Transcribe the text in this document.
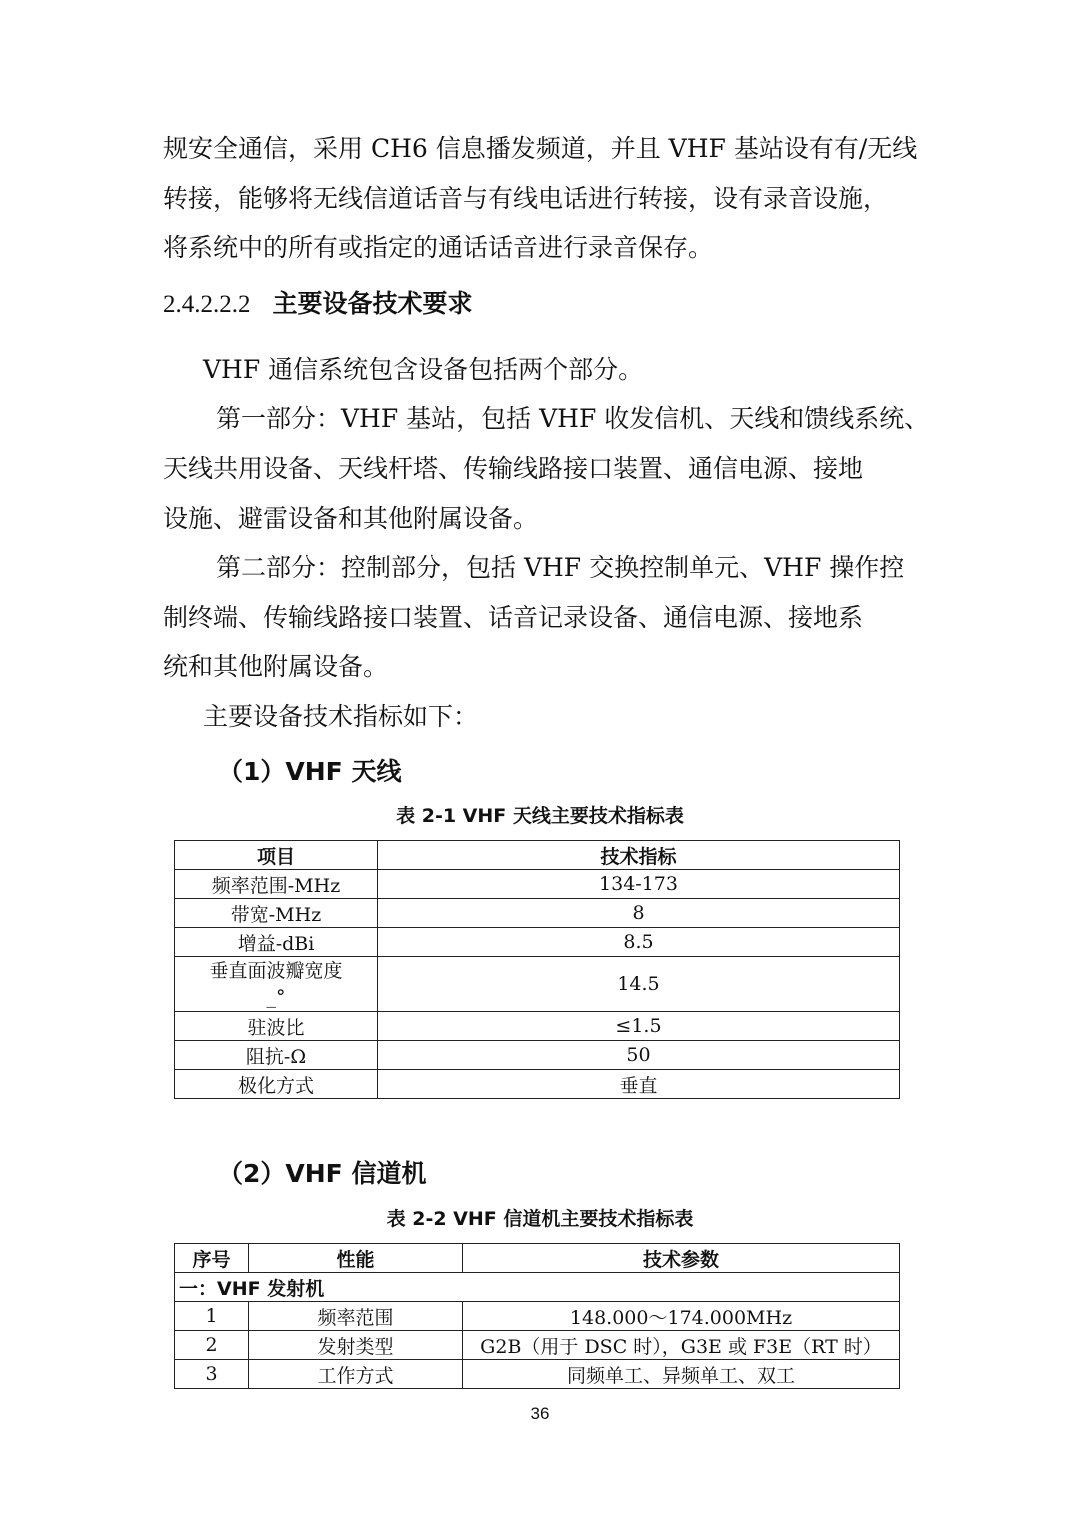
规安全通信，采用 CH6 信息播发频道，并且 VHF 基站设有有/无线
转接，能够将无线信道话音与有线电话进行转接，设有录音设施，
将系统中的所有或指定的通话话音进行录音保存。
2.4.2.2.2 主要设备技术要求
VHF 通信系统包含设备包括两个部分。
第一部分：VHF 基站，包括 VHF 收发信机、天线和馈线系统、
天线共用设备、天线杆塔、传输线路接口装置、通信电源、接地
设施、避雷设备和其他附属设备。
第二部分：控制部分，包括 VHF 交换控制单元、VHF 操作控
制终端、传输线路接口装置、话音记录设备、通信电源、接地系
统和其他附属设备。
主要设备技术指标如下：
（1）VHF 天线
表 2-1 VHF 天线主要技术指标表
项目	技术指标
频率范围-MHz	134-173
带宽-MHz	8
增益-dBi	8.5

垂直面波瓣宽度
_°	14.5
驻波比	≤1.5
阻抗-Ω	50
极化方式	垂直
（2）VHF 信道机
表 2-2 VHF 信道机主要技术指标表
序号	性能	技术参数
一：VHF 发射机		
1	频率范围	148.000～174.000MHz
2	发射类型	G2B（用于 DSC 时），G3E 或 F3E（RT 时）
3	工作方式	同频单工、异频单工、双工
36
